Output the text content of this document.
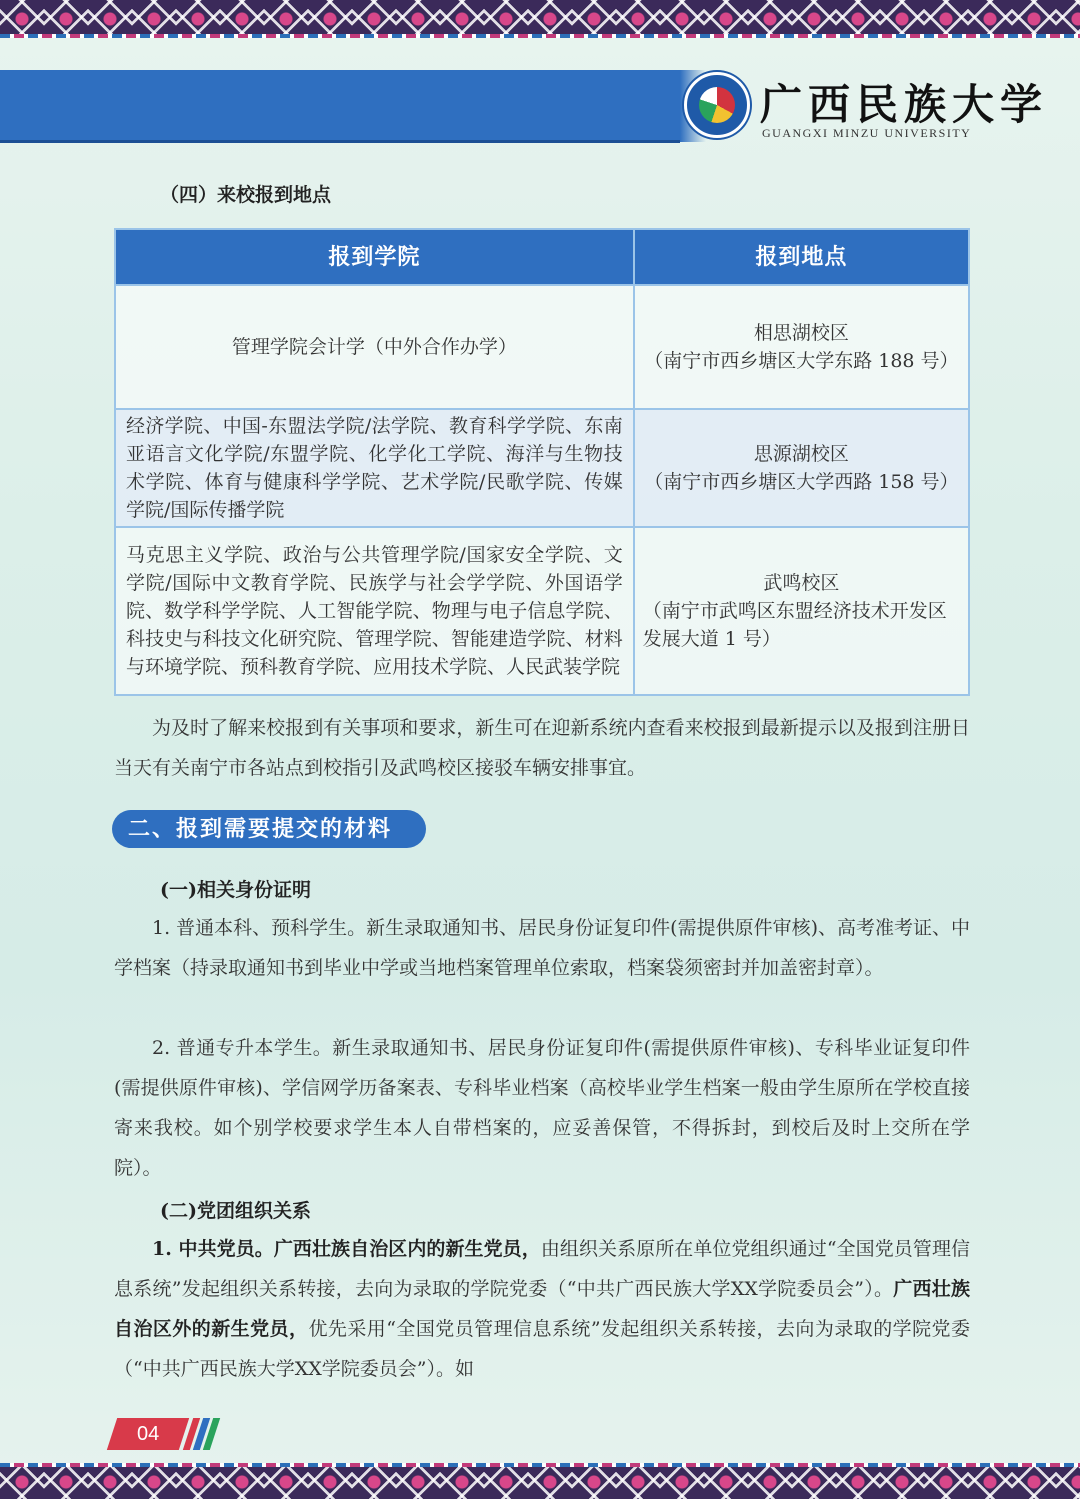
广西民族大学
GUANGXI MINZU UNIVERSITY
（四）来校报到地点
报到学院	报到地点
管理学院会计学（中外合作办学）	相思湖校区
（南宁市西乡塘区大学东路 188 号）

经济学院、中国-东盟法学院/法学院、教育科学学院、东南亚语言文化学院/东盟学院、化学化工学院、海洋与生物技术学院、体育与健康科学学院、艺术学院/民歌学院、传媒学院/国际传播学院	思源湖校区
（南宁市西乡塘区大学西路 158 号）

马克思主义学院、政治与公共管理学院/国家安全学院、文学院/国际中文教育学院、民族学与社会学学院、外国语学院、数学科学学院、人工智能学院、物理与电子信息学院、科技史与科技文化研究院、管理学院、智能建造学院、材料与环境学院、预科教育学院、应用技术学院、人民武装学院	武鸣校区
（南宁市武鸣区东盟经济技术开发区发展大道 1 号）

为及时了解来校报到有关事项和要求，新生可在迎新系统内查看来校报到最新提示以及报到注册日当天有关南宁市各站点到校指引及武鸣校区接驳车辆安排事宜。

二、报到需要提交的材料
(一)相关身份证明

1. 普通本科、预科学生。新生录取通知书、居民身份证复印件(需提供原件审核)、高考准考证、中学档案（持录取通知书到毕业中学或当地档案管理单位索取，档案袋须密封并加盖密封章）。

2. 普通专升本学生。新生录取通知书、居民身份证复印件(需提供原件审核)、专科毕业证复印件(需提供原件审核)、学信网学历备案表、专科毕业档案（高校毕业学生档案一般由学生原所在学校直接寄来我校。如个别学校要求学生本人自带档案的，应妥善保管，不得拆封，到校后及时上交所在学院）。

(二)党团组织关系

1. 中共党员。广西壮族自治区内的新生党员，由组织关系原所在单位党组织通过“全国党员管理信息系统”发起组织关系转接，去向为录取的学院党委（“中共广西民族大学XX学院委员会”）。广西壮族自治区外的新生党员，优先采用“全国党员管理信息系统”发起组织关系转接，去向为录取的学院党委（“中共广西民族大学XX学院委员会”）。如

04
